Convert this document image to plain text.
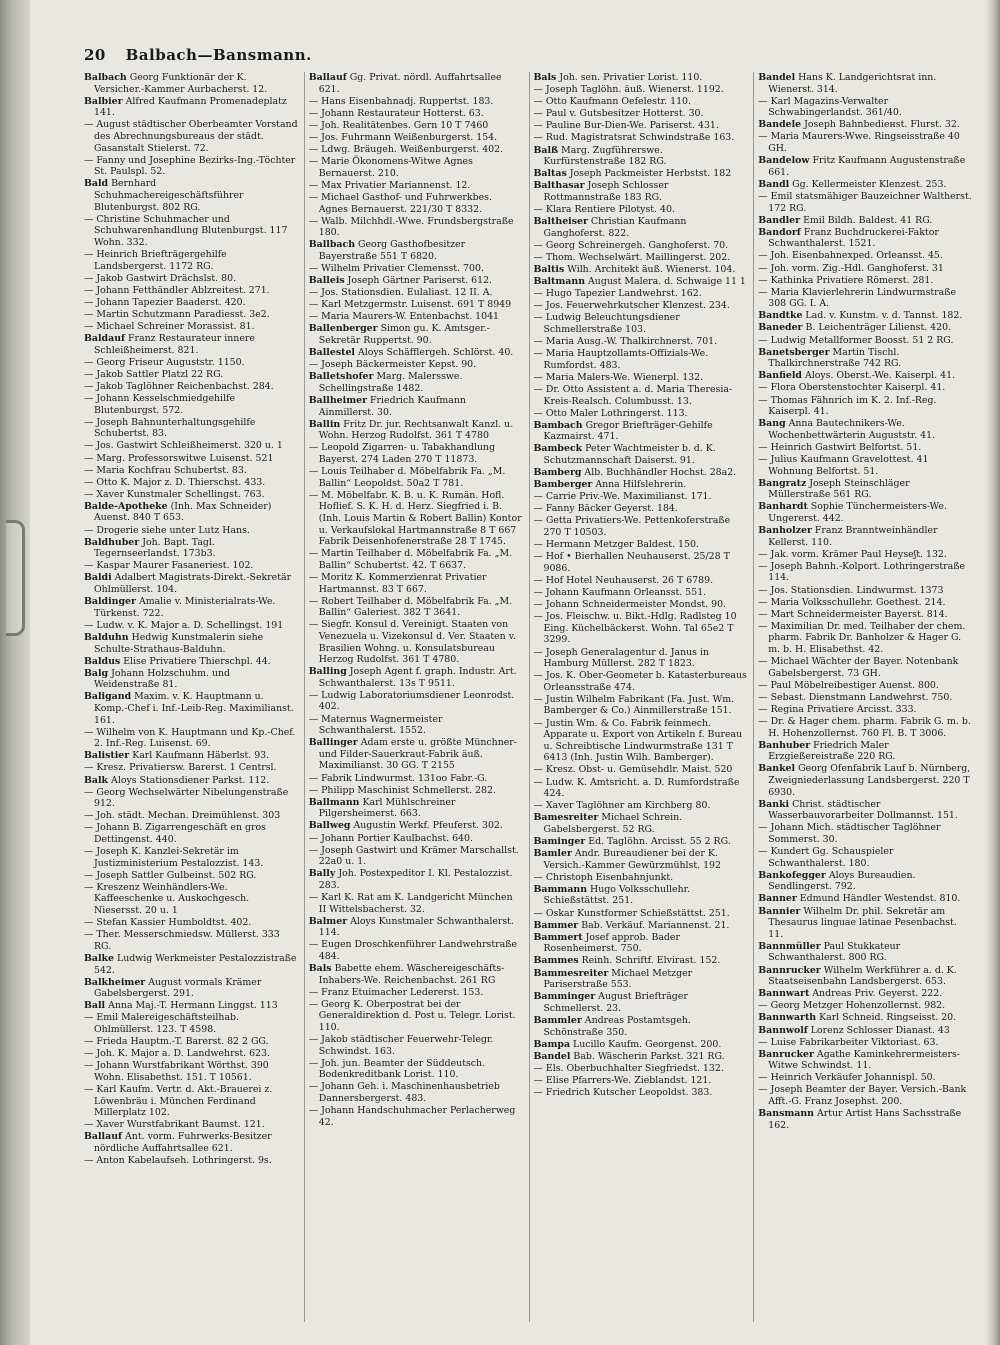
20 Balbach—Bansmann.
Balbach Georg Funktionär der K. Versicher.-Kammer Aurbacherst. 12.
Balbier Alfred Kaufmann Promenadeplatz 141.
— August städtischer Oberbeamter Vorstand des Abrechnungsbureaus der städt. Gasanstalt Stielerst. 72.
— Fanny und Josephine Bezirks-Ing.-Töchter St. Paulspl. 52.
Bald Bernhard Schuhmachereigeschäftsführer Blutenburgst. 802 RG.
— Christine Schuhmacher und Schuhwarenhandlung Blutenburgst. 117 Wohn. 332.
— Heinrich Briefträgergehilfe Landsbergerst. 1172 RG.
— Jakob Gastwirt Drächslst. 80.
— Johann Fetthändler Ablzreitest. 271.
— Johann Tapezier Baaderst. 420.
— Martin Schutzmann Paradiesst. 3e2.
— Michael Schreiner Morassist. 81.
Baldauf Franz Restaurateur innere Schleißheimerst. 821.
— Georg Friseur Auguststr. 1150.
— Jakob Sattler Platzl 22 RG.
— Jakob Taglöhner Reichenbachst. 284.
— Johann Kesselschmiedgehilfe Blutenburgst. 572.
— Joseph Bahnunterhaltungsgehilfe Schubertst. 83.
— Jos. Gastwirt Schleißheimerst. 320 u. 1
— Marg. Professorswitwe Luisenst. 521
— Maria Kochfrau Schubertst. 83.
— Otto K. Major z. D. Thierschst. 433.
— Xaver Kunstmaler Schellingst. 763.
Balde-Apotheke (Inh. Max Schneider) Auenst. 840 T 653.
— Drogerie siehe unter Lutz Hans.
Baldhuber Joh. Bapt. Tagl. Tegernseerlandst. 173b3.
— Kaspar Maurer Fasaneriest. 102.
Baldi Adalbert Magistrats-Direkt.-Sekretär Ohlmüllerst. 104.
Baldinger Amalie v. Ministerialrats-We. Türkenst. 722.
— Ludw. v. K. Major a. D. Schellingst. 191
Balduhn Hedwig Kunstmalerin siehe Schulte-Strathaus-Balduhn.
Baldus Elise Privatiere Thierschpl. 44.
Balg Johann Holzschuhm. und Weidenstraße 81.
Baligand Maxim. v. K. Hauptmann u. Komp.-Chef i. Inf.-Leib-Reg. Maximilianst. 161.
— Wilhelm von K. Hauptmann und Kp.-Chef. 2. Inf.-Reg. Luisenst. 69.
Balistier Karl Kaufmann Häberlst. 93.
— Kresz. Privatiersw. Barerst. 1 Centrsl.
Balk Aloys Stationsdiener Parkst. 112.
— Georg Wechselwärter Nibelungenstraße 912.
— Joh. städt. Mechan. Dreimühlenst. 303
— Johann B. Zigarrengeschäft en gros Dettingenst. 440.
— Joseph K. Kanzlei-Sekretär im Justizministerium Pestalozzist. 143.
— Joseph Sattler Gulbeinst. 502 RG.
— Kreszenz Weinhändlers-We. Kaffeeschenke u. Auskochgesch. Niesersst. 20 u. 1
— Stefan Kassier Humboldtst. 402.
— Ther. Messerschmiedsw. Müllerst. 333 RG.
Balke Ludwig Werkmeister Pestalozzistraße 542.
Balkheimer August vormals Krämer Gabelsbergerst. 291.
Ball Anna Maj.-T. Hermann Linggst. 113
— Emil Malereigeschäftsteilhab. Ohlmüllerst. 123. T 4598.
— Frieda Hauptm.-T. Barerst. 82 2 GG.
— Joh. K. Major a. D. Landwehrst. 623.
— Johann Wurstfabrikant Wörthst. 390 Wohn. Elisabethst. 151. T 10561.
— Karl Kaufm. Vertr. d. Akt.-Brauerei z. Löwenbräu i. München Ferdinand Millerplatz 102.
— Xaver Wurstfabrikant Baumst. 121.
Ballauf Ant. vorm. Fuhrwerks-Besitzer nördliche Auffahrtsallee 621.
— Anton Kabelaufseh. Lothringerst. 9s.
Ballauf Gg. Privat. nördl. Auffahrtsallee 621.
— Hans Eisenbahnadj. Ruppertst. 183.
— Johann Restaurateur Hotterst. 63.
— Joh. Realitätenbes. Gern 10 T 7460
— Jos. Fuhrmann Weißenburgerst. 154.
— Ldwg. Bräugeh. Weißenburgerst. 402.
— Marie Ökonomens-Witwe Agnes Bernauerst. 210.
— Max Privatier Mariannenst. 12.
— Michael Gasthof- und Fuhrwerkbes. Agnes Bernauerst. 221/30 T 8332.
— Walb. Milchhdl.-Wwe. Frundsbergstraße 180.
Ballbach Georg Gasthofbesitzer Bayerstraße 551 T 6820.
— Wilhelm Privatier Clemensst. 700.
Balleis Joseph Gärtner Pariserst. 612.
— Jos. Stationsdien. Eulaliast. 12 II. A.
— Karl Metzgermstr. Luisenst. 691 T 8949
— Maria Maurers-W. Entenbachst. 1041
Ballenberger Simon gu. K. Amtsger.-Sekretär Ruppertst. 90.
Ballestel Aloys Schäfflergeh. Schlörst. 40.
— Joseph Bäckermeister Kepst. 90.
Balletshofer Marg. Malersswe. Schellingstraße 1482.
Ballheimer Friedrich Kaufmann Ainmillerst. 30.
Ballin Fritz Dr. jur. Rechtsanwalt Kanzl. u. Wohn. Herzog Rudolfst. 361 T 4780
— Leopold Zigarren- u. Tabakhandlung Bayerst. 274 Laden 270 T 11873.
— Louis Teilhaber d. Möbelfabrik Fa. „M. Ballin“ Leopoldst. 50a2 T 781.
— M. Möbelfabr. K. B. u. K. Rumän. Hofl. Hoflief. S. K. H. d. Herz. Siegfried i. B. (Inh. Louis Martin & Robert Ballin) Kontor u. Verkaufslokal Hartmannstraße 8 T 667 Fabrik Deisenhofenerstraße 28 T 1745.
— Martin Teilhaber d. Möbelfabrik Fa. „M. Ballin“ Schubertst. 42. T 6637.
— Moritz K. Kommerzienrat Privatier Hartmannst. 83 T 667.
— Robert Teilhaber d. Möbelfabrik Fa. „M. Ballin“ Galeriest. 382 T 3641.
— Siegfr. Konsul d. Vereinigt. Staaten von Venezuela u. Vizekonsul d. Ver. Staaten v. Brasilien Wohng. u. Konsulatsbureau Herzog Rudolfst. 361 T 4780.
Balling Joseph Agent f. graph. Industr. Art. Schwanthalerst. 13s T 9511.
— Ludwig Laboratoriumsdiener Leonrodst. 402.
— Maternus Wagnermeister Schwanthalerst. 1552.
Ballinger Adam erste u. größte Münchner- und Filder-Sauerkraut-Fabrik äuß. Maximilianst. 30 GG. T 2155
— Fabrik Lindwurmst. 131oo Fabr.-G.
— Philipp Maschinist Schmellerst. 282.
Ballmann Karl Mühlschreiner Pilgersheimerst. 663.
Ballweg Augustin Werkf. Pfeuferst. 302.
— Johann Portier Kaulbachst. 640.
— Joseph Gastwirt und Krämer Marschallst. 22a0 u. 1.
Bally Joh. Postexpeditor I. Kl. Pestalozzist. 283.
— Karl K. Rat am K. Landgericht München II Wittelsbacherst. 32.
Balmer Aloys Kunstmaler Schwanthalerst. 114.
— Eugen Droschkenführer Landwehrstraße 484.
Bals Babette ehem. Wäschereigeschäfts-Inhabers-We. Reichenbachst. 261 RG
— Franz Etuimacher Ledererst. 153.
— Georg K. Oberpostrat bei der Generaldirektion d. Post u. Telegr. Lorist. 110.
— Jakob städtischer Feuerwehr-Telegr. Schwindst. 163.
— Joh. jun. Beamter der Süddeutsch. Bodenkreditbank Lorist. 110.
— Johann Geh. i. Maschinenhausbetrieb Dannersbergerst. 483.
— Johann Handschuhmacher Perlacherweg 42.
Bals Joh. sen. Privatier Lorist. 110.
— Joseph Taglöhn. äuß. Wienerst. 1192.
— Otto Kaufmann Oefelestr. 110.
— Paul v. Gutsbesitzer Hotterst. 30.
— Pauline Bur-Dien-We. Pariserst. 431.
— Rud. Magistratsrat Schwindstraße 163.
Balß Marg. Zugführerswe. Kurfürstenstraße 182 RG.
Baltas Joseph Packmeister Herbstst. 182
Balthasar Joseph Schlosser Rottmannstraße 183 RG.
— Klara Rentiere Pilotyst. 40.
Baltheiser Christian Kaufmann Ganghoferst. 822.
— Georg Schreinergeh. Ganghoferst. 70.
— Thom. Wechselwärt. Maillingerst. 202.
Baltis Wilh. Architekt äuß. Wienerst. 104.
Baltmann August Malera. d. Schwaige 11 1
— Hugo Tapezier Landwehrst. 162.
— Jos. Feuerwehrkutscher Klenzest. 234.
— Ludwig Beleuchtungsdiener Schmellerstraße 103.
— Maria Ausg.-W. Thalkirchnerst. 701.
— Maria Hauptzollamts-Offizials-We. Rumfordst. 483.
— Maria Malers-We. Wienerpl. 132.
— Dr. Otto Assistent a. d. Maria Theresia-Kreis-Realsch. Columbusst. 13.
— Otto Maler Lothringerst. 113.
Bambach Gregor Briefträger-Gehilfe Kazmairst. 471.
Bambeck Peter Wachtmeister b. d. K. Schutzmannschaft Daiserst. 91.
Bamberg Alb. Buchhändler Hochst. 28a2.
Bamberger Anna Hilfslehrerin.
— Carrie Priv.-We. Maximilianst. 171.
— Fanny Bäcker Geyerst. 184.
— Getta Privatiers-We. Pettenkoferstraße 270 T 10503.
— Hermann Metzger Baldest. 150.
— Hof • Bierhallen Neuhauserst. 25/28 T 9086.
— Hof Hotel Neuhauserst. 26 T 6789.
— Johann Kaufmann Orleansst. 551.
— Johann Schneidermeister Mondst. 90.
— Jos. Fleischw. u. Bikt.-Hdlg. Radlsteg 10 Eing. Küchelbäckerst. Wohn. Tal 65e2 T 3299.
— Joseph Generalagentur d. Janus in Hamburg Müllerst. 282 T 1823.
— Jos. K. Ober-Geometer b. Katasterbureaus Orleansstraße 474.
— Justin Wilhelm Fabrikant (Fa. Just. Wm. Bamberger & Co.) Ainmillerstraße 151.
— Justin Wm. & Co. Fabrik feinmech. Apparate u. Export von Artikeln f. Bureau u. Schreibtische Lindwurmstraße 131 T 6413 (Inh. Justin Wilh. Bamberger).
— Kresz. Obst- u. Gemüsehdlr. Maist. 520
— Ludw. K. Amtsricht. a. D. Rumfordstraße 424.
— Xaver Taglöhner am Kirchberg 80.
Bamesreiter Michael Schrein. Gabelsbergerst. 52 RG.
Baminger Ed. Taglöhn. Arcisst. 55 2 RG.
Bamler Andr. Bureaudiener bei der K. Versich.-Kammer Gewürzmühlst. 192
— Christoph Eisenbahnjunkt.
Bammann Hugo Volksschullehr. Schießstättst. 251.
— Oskar Kunstformer Schießstättst. 251.
Bammer Bab. Verkäuf. Mariannenst. 21.
Bammert Josef approb. Bader Rosenheimerst. 750.
Bammes Reinh. Schriftf. Elvirast. 152.
Bammesreiter Michael Metzger Pariserstraße 553.
Bamminger August Briefträger Schmellerst. 23.
Bammler Andreas Postamtsgeh. Schönstraße 350.
Bampa Lucillo Kaufm. Georgenst. 200.
Bandel Bab. Wäscherin Parkst. 321 RG.
— Els. Oberbuchhalter Siegfriedst. 132.
— Elise Pfarrers-We. Zieblandst. 121.
— Friedrich Kutscher Leopoldst. 383.
Bandel Hans K. Landgerichtsrat inn. Wienerst. 314.
— Karl Magazins-Verwalter Schwabingerlandst. 361/40.
Bandele Joseph Bahnbediенst. Flurst. 32.
— Maria Maurers-Wwe. Ringseisstraße 40 GH.
Bandelow Fritz Kaufmann Augustenstraße 661.
Bandl Gg. Kellermeister Klenzest. 253.
— Emil statsmähiger Bauzeichner Waltherst. 172 RG.
Bandler Emil Bildh. Baldest. 41 RG.
Bandorf Franz Buchdruckerei-Faktor Schwanthalerst. 1521.
— Joh. Eisenbahnexped. Orleansst. 45.
— Joh. vorm. Zig.-Hdl. Ganghoferst. 31
— Kathinka Privatiere Römerst. 281.
— Maria Klavierlehrerin Lindwurmstraße 308 GG. I. A.
Bandtke Lad. v. Kunstm. v. d. Tannst. 182.
Baneder B. Leichenträger Lilienst. 420.
— Ludwig Metallformer Boosst. 51 2 RG.
Banetsberger Martin Tischl. Thalkirchnerstraße 742 RG.
Banfield Aloys. Oberst.-We. Kaiserpl. 41.
— Flora Oberstenstochter Kaiserpl. 41.
— Thomas Fähnrich im K. 2. Inf.-Reg. Kaiserpl. 41.
Bang Anna Bautechnikers-We. Wochenbettwärterin Auguststr. 41.
— Heinrich Gastwirt Belfortst. 51.
— Julius Kaufmann Gravelottest. 41 Wohnung Belfortst. 51.
Bangratz Joseph Steinschläger Müllerstraße 561 RG.
Banhardt Sophie Tünchermeisters-We. Ungererst. 442.
Banholzer Franz Branntweinhändler Kellerst. 110.
— Jak. vorm. Krämer Paul Heyseʃt. 132.
— Joseph Bahnh.-Kolport. Lothringerstraße 114.
— Jos. Stationsdien. Lindwurmst. 1373
— Maria Volksschullehr. Goethest. 214.
— Mart Schneidermeister Bayerst. 814.
— Maximilian Dr. med. Teilhaber der chem. pharm. Fabrik Dr. Banholzer & Hager G. m. b. H. Elisabethst. 42.
— Michael Wächter der Bayer. Notenbank Gabelsbergerst. 73 GH.
— Paul Möbelreibestiger Auenst. 800.
— Sebast. Dienstmann Landwehrst. 750.
— Regina Privatiere Arcisst. 333.
— Dr. & Hager chem. pharm. Fabrik G. m. b. H. Hohenzollernst. 760 Fl. B. T 3006.
Banhuber Friedrich Maler Erzgießereistraße 220 RG.
Bankel Georg Ofenfabrik Lauf b. Nürnberg, Zweigniederlassung Landsbergerst. 220 T 6930.
Banki Christ. städtischer Wasserbauvorarbeiter Dollmannst. 151.
— Johann Mich. städtischer Taglöhner Sommerst. 30.
— Kundert Gg. Schauspieler Schwanthalerst. 180.
Bankofegger Aloys Bureaudien. Sendlingerst. 792.
Banner Edmund Händler Westendst. 810.
Bannier Wilhelm Dr. phil. Sekretär am Thesaurus linguae latinae Pesenbachst. 11.
Bannmüller Paul Stukkateur Schwanthalerst. 800 RG.
Bannrucker Wilhelm Werkführer a. d. K. Staatseisenbahn Landsbergerst. 653.
Bannwart Andreas Priv. Geyerst. 222.
— Georg Metzger Hohenzollernst. 982.
Bannwarth Karl Schneid. Ringseisst. 20.
Bannwolf Lorenz Schlosser Dianast. 43
— Luise Fabrikarbeiter Viktoriast. 63.
Banrucker Agathe Kaminkehrermeisters-Witwe Schwindst. 11.
— Heinrich Verkäufer Johannispl. 50.
— Joseph Beamter der Bayer. Versich.-Bank Afft.-G. Franz Josephst. 200.
Bansmann Artur Artist Hans Sachsstraße 162.
